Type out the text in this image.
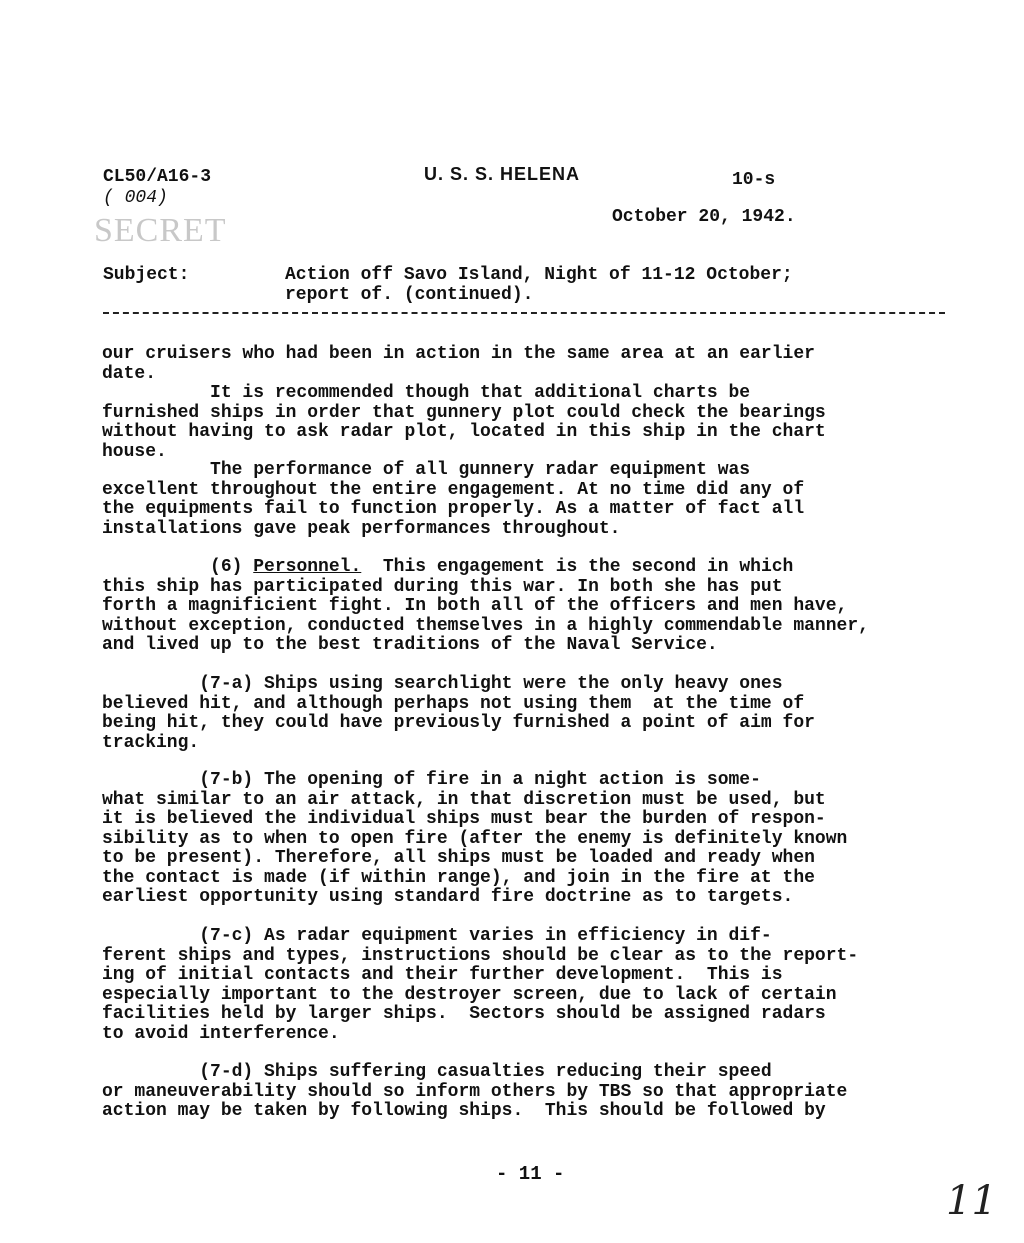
CL50/A16-3
( 004)
SECRET
U. S. S. HELENA	10-s
October 20, 1942.
Subject:	Action off Savo Island, Night of 11-12 October;
report of. (continued).
our cruisers who had been in action in the same area at an earlier
date.
It is recommended though that additional charts be
furnished ships in order that gunnery plot could check the bearings
without having to ask radar plot, located in this ship in the chart
house.
The performance of all gunnery radar equipment was
excellent throughout the entire engagement. At no time did any of
the equipments fail to function properly. As a matter of fact all
installations gave peak performances throughout.
(6) Personnel.  This engagement is the second in which
this ship has participated during this war. In both she has put
forth a magnificient fight. In both all of the officers and men have,
without exception, conducted themselves in a highly commendable manner,
and lived up to the best traditions of the Naval Service.
(7-a) Ships using searchlight were the only heavy ones
believed hit, and although perhaps not using them  at the time of
being hit, they could have previously furnished a point of aim for
tracking.
(7-b) The opening of fire in a night action is some-
what similar to an air attack, in that discretion must be used, but
it is believed the individual ships must bear the burden of respon-
sibility as to when to open fire (after the enemy is definitely known
to be present). Therefore, all ships must be loaded and ready when
the contact is made (if within range), and join in the fire at the
earliest opportunity using standard fire doctrine as to targets.
(7-c) As radar equipment varies in efficiency in dif-
ferent ships and types, instructions should be clear as to the report-
ing of initial contacts and their further development.  This is
especially important to the destroyer screen, due to lack of certain
facilities held by larger ships.  Sectors should be assigned radars
to avoid interference.
(7-d) Ships suffering casualties reducing their speed
or maneuverability should so inform others by TBS so that appropriate
action may be taken by following ships.  This should be followed by
- 11 -
11
